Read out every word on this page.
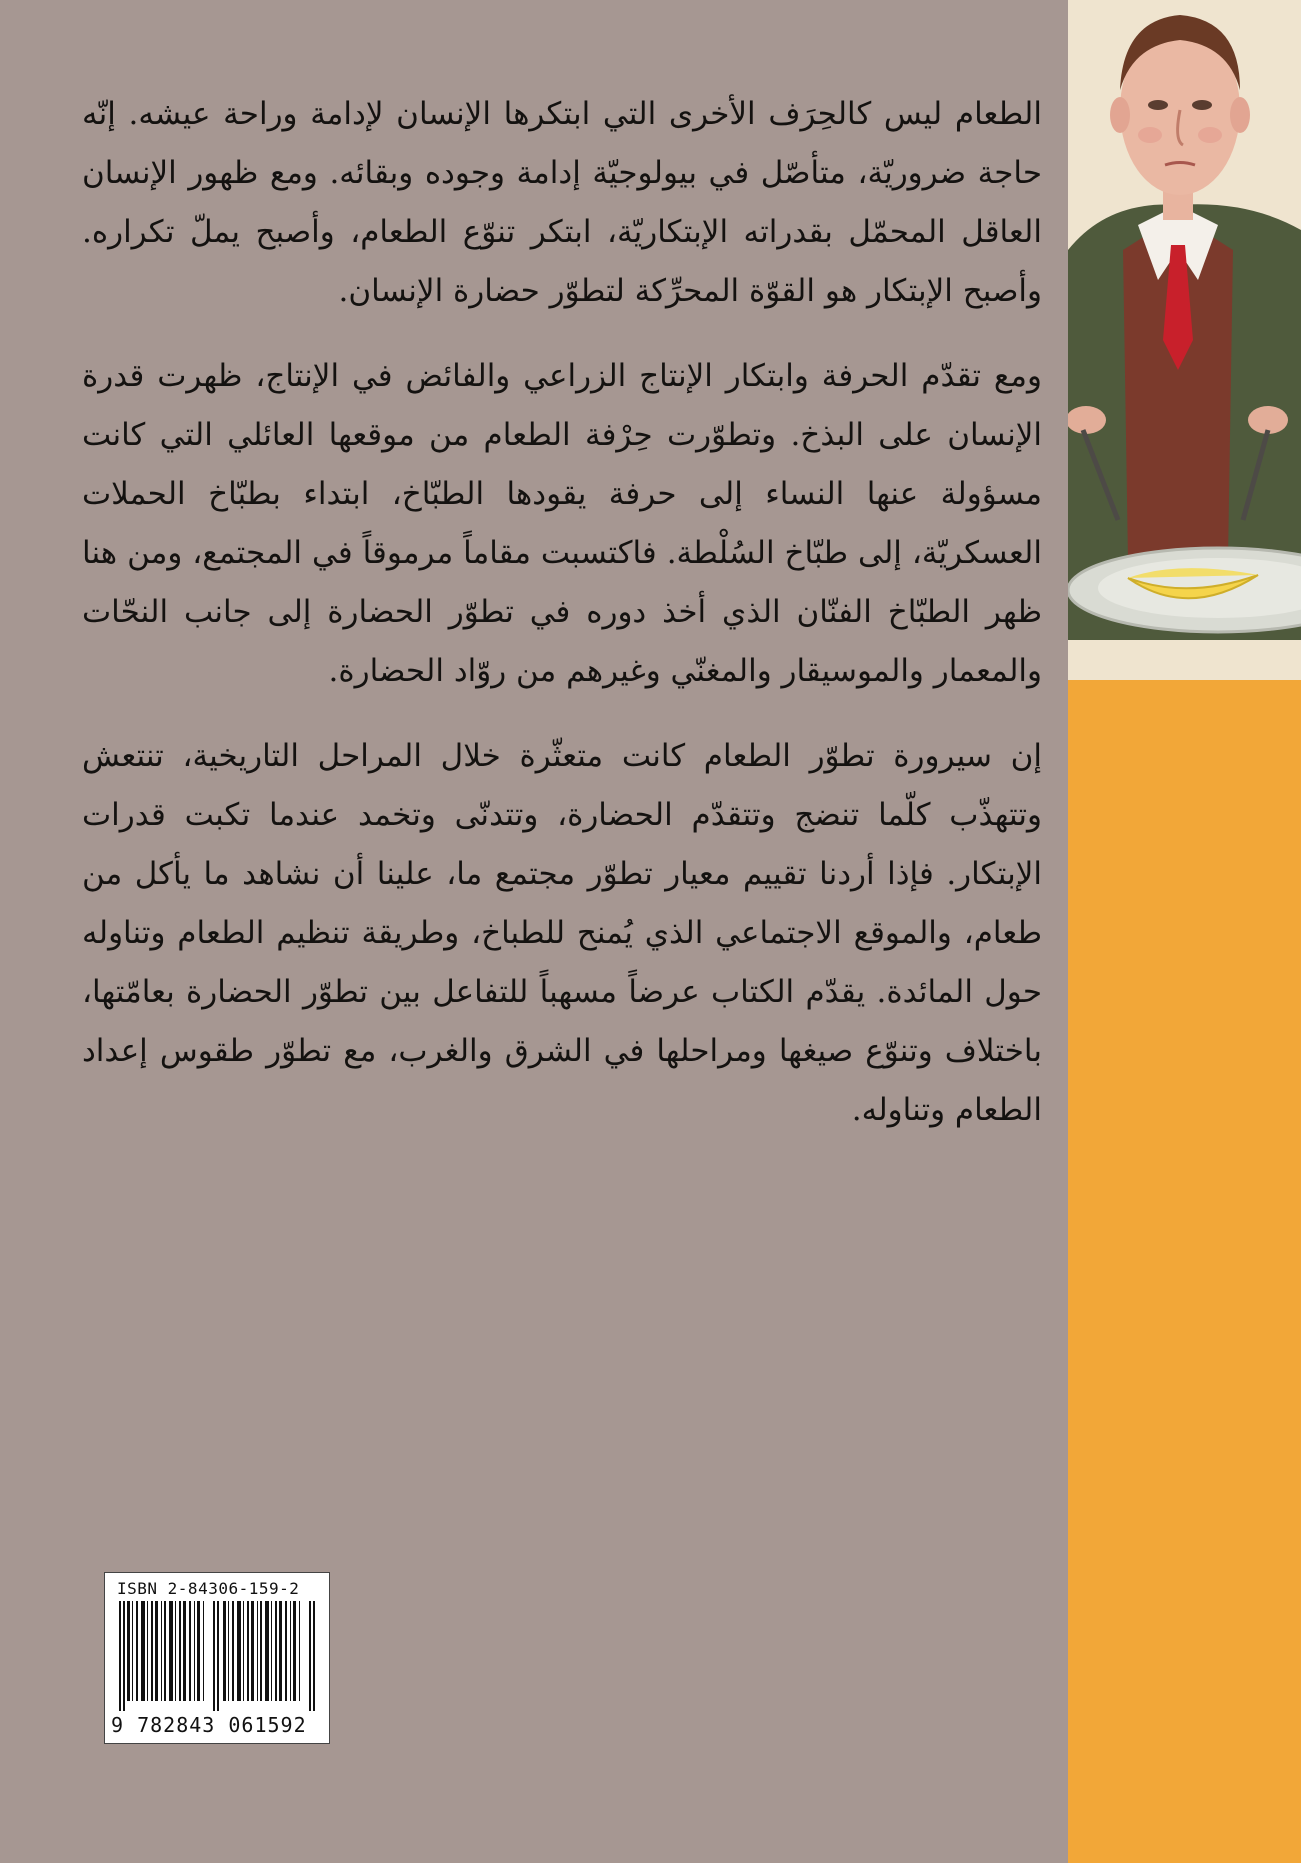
الطعام ليس كالحِرَف الأخرى التي ابتكرها الإنسان لإدامة وراحة عيشه. إنّه حاجة ضروريّة، متأصّل في بيولوجيّة إدامة وجوده وبقائه. ومع ظهور الإنسان العاقل المحمّل بقدراته الإبتكاريّة، ابتكر تنوّع الطعام، وأصبح يملّ تكراره. وأصبح الإبتكار هو القوّة المحرِّكة لتطوّر حضارة الإنسان.

ومع تقدّم الحرفة وابتكار الإنتاج الزراعي والفائض في الإنتاج، ظهرت قدرة الإنسان على البذخ. وتطوّرت حِرْفة الطعام من موقعها العائلي التي كانت مسؤولة عنها النساء إلى حرفة يقودها الطبّاخ، ابتداء بطبّاخ الحملات العسكريّة، إلى طبّاخ السُلْطة. فاكتسبت مقاماً مرموقاً في المجتمع، ومن هنا ظهر الطبّاخ الفنّان الذي أخذ دوره في تطوّر الحضارة إلى جانب النحّات والمعمار والموسيقار والمغنّي وغيرهم من روّاد الحضارة.

إن سيرورة تطوّر الطعام كانت متعثّرة خلال المراحل التاريخية، تنتعش وتتهذّب كلّما تنضج وتتقدّم الحضارة، وتتدنّى وتخمد عندما تكبت قدرات الإبتكار. فإذا أردنا تقييم معيار تطوّر مجتمع ما، علينا أن نشاهد ما يأكل من طعام، والموقع الاجتماعي الذي يُمنح للطباخ، وطريقة تنظيم الطعام وتناوله حول المائدة. يقدّم الكتاب عرضاً مسهباً للتفاعل بين تطوّر الحضارة بعامّتها، باختلاف وتنوّع صيغها ومراحلها في الشرق والغرب، مع تطوّر طقوس إعداد الطعام وتناوله.

ISBN 2-84306-159-2
9 782843 061592
